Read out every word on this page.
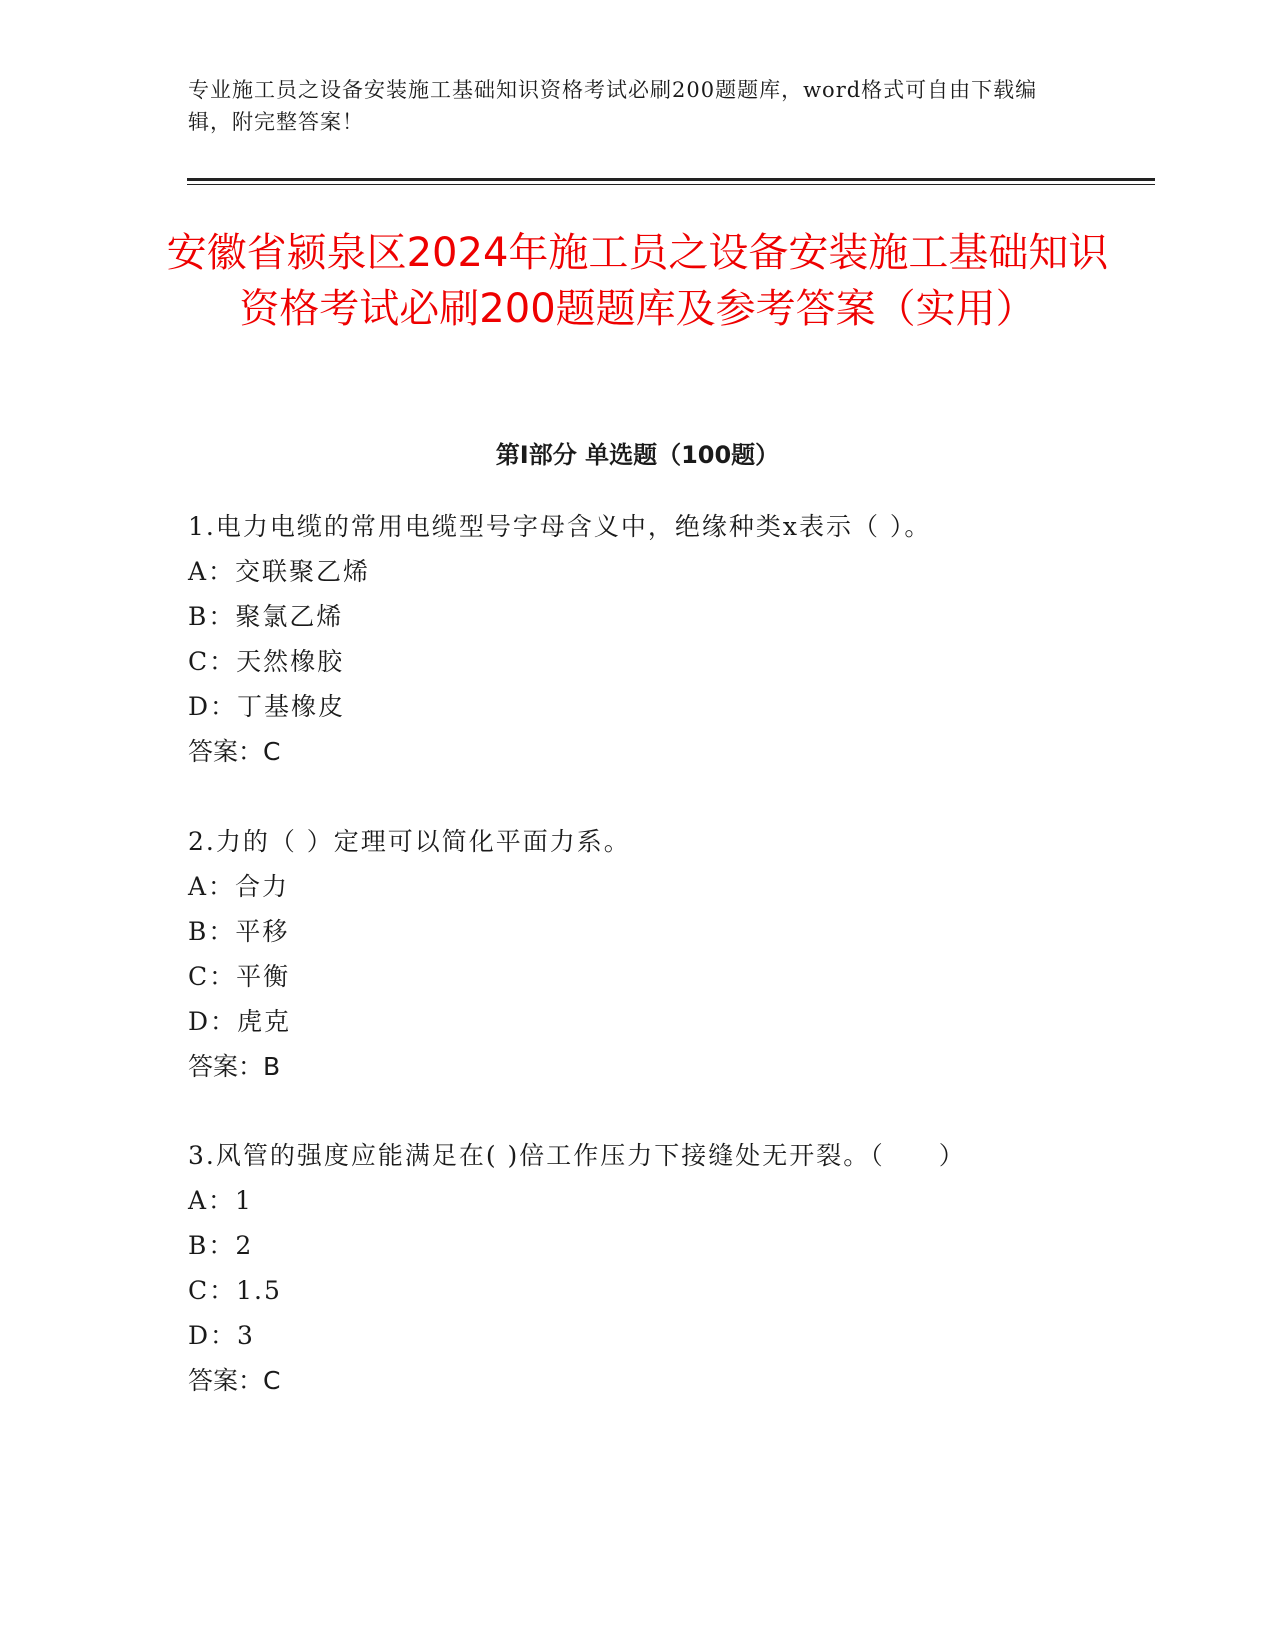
专业施工员之设备安装施工基础知识资格考试必刷200题题库，word格式可自由下载编辑，附完整答案！
安徽省颍泉区2024年施工员之设备安装施工基础知识资格考试必刷200题题库及参考答案（实用）
第Ⅰ部分 单选题（100题）
1.电力电缆的常用电缆型号字母含义中，绝缘种类x表示（ ）。
A：交联聚乙烯
B：聚氯乙烯
C：天然橡胶
D：丁基橡皮
答案：C
2.力的（ ）定理可以简化平面力系。
A：合力
B：平移
C：平衡
D：虎克
答案：B
3.风管的强度应能满足在( )倍工作压力下接缝处无开裂。（　　）
A：1
B：2
C：1.5
D：3
答案：C
